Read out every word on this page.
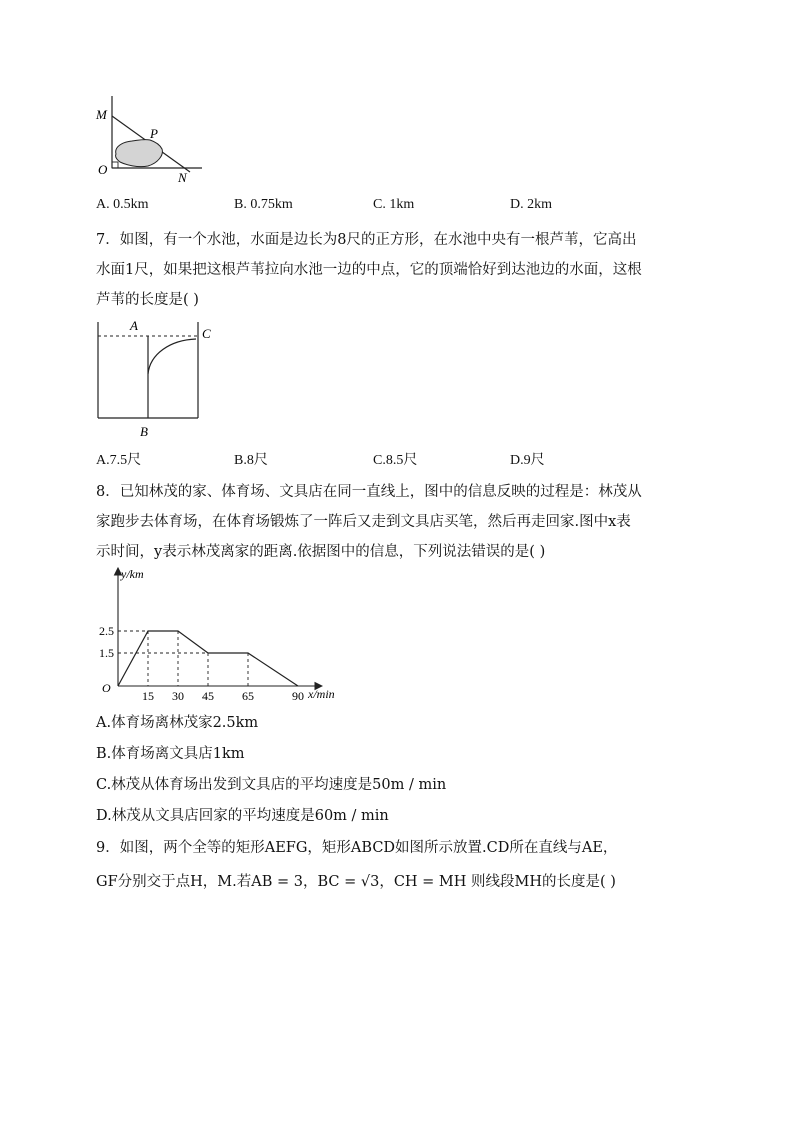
M
P
O
N
A. 0.5km	B. 0.75km	C. 1km	D. 2km
7．如图，有一个水池，水面是边长为8尺的正方形，在水池中央有一根芦苇，它高出
水面1尺，如果把这根芦苇拉向水池一边的中点，它的顶端恰好到达池边的水面，这根
芦苇的长度是( )
A
B
C
A.7.5尺	B.8尺	C.8.5尺	D.9尺
8．已知林茂的家、体育场、文具店在同一直线上，图中的信息反映的过程是：林茂从
家跑步去体育场，在体育场锻炼了一阵后又走到文具店买笔，然后再走回家.图中x表
示时间，y表示林茂离家的距离.依据图中的信息，下列说法错误的是( )
15 30 45 65	90
1.5
2.5
y/km
x/min
O
A.体育场离林茂家2.5km
B.体育场离文具店1km
C.林茂从体育场出发到文具店的平均速度是50m / min
D.林茂从文具店回家的平均速度是60m / min
9．如图，两个全等的矩形AEFG，矩形ABCD如图所示放置.CD所在直线与AE，
GF分别交于点H，M.若AB = 3，BC = √3，CH = MH 则线段MH的长度是( )
